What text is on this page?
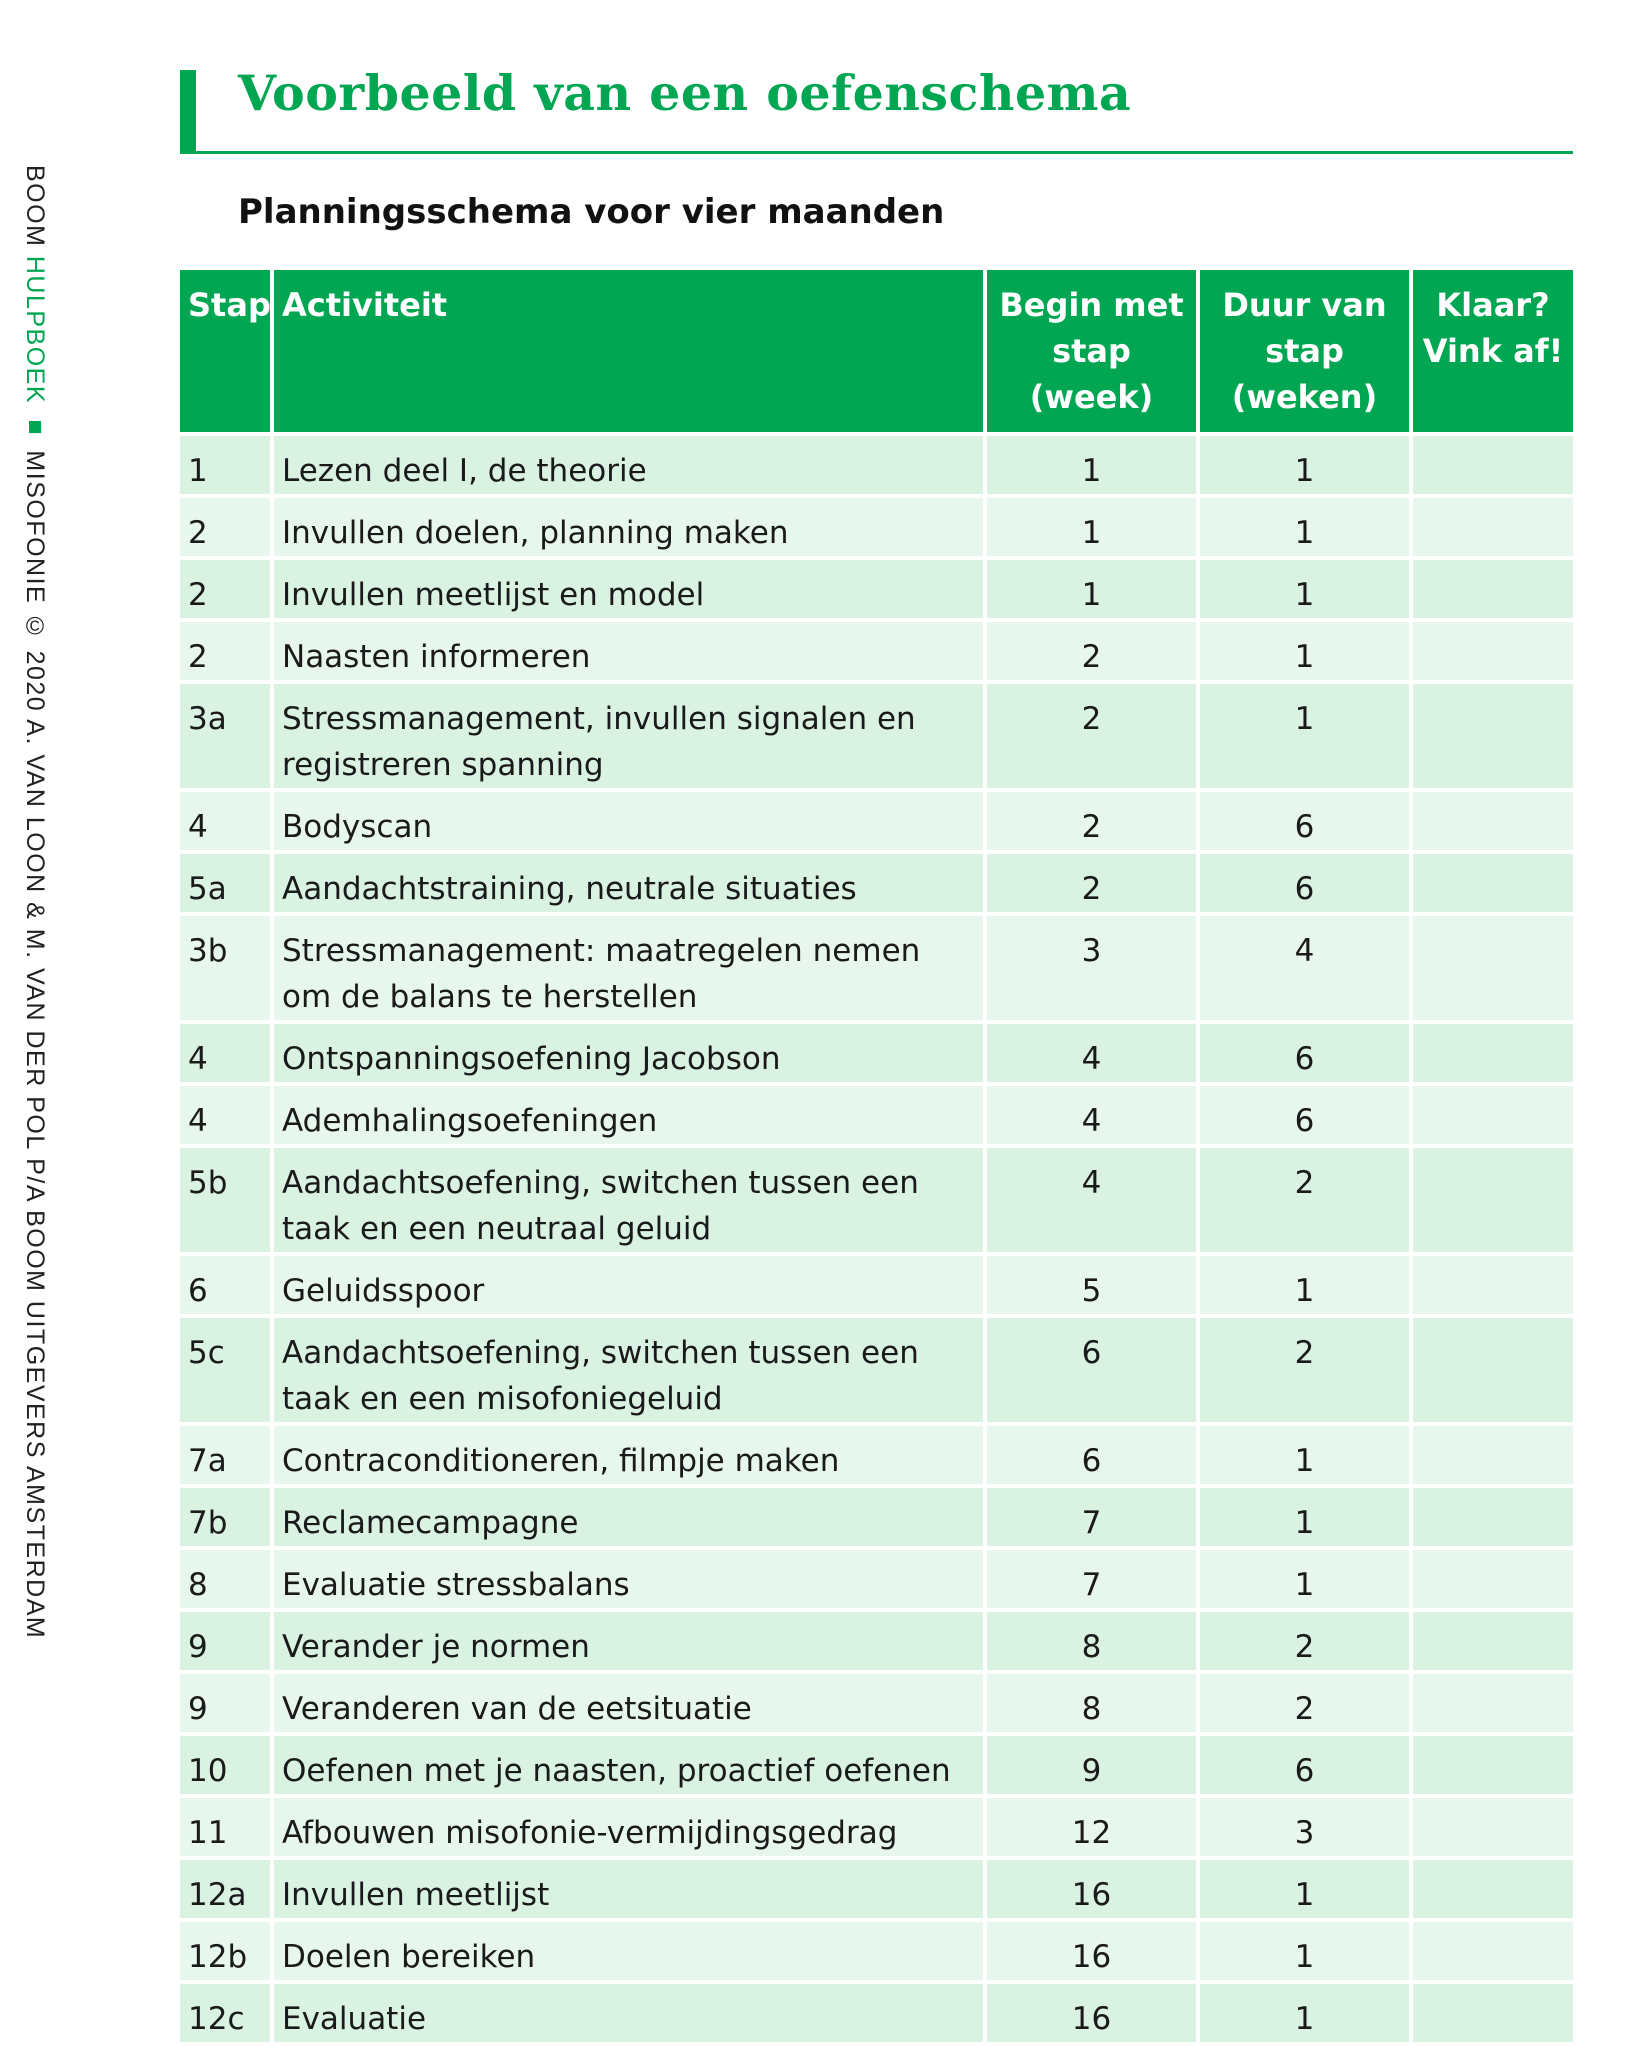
BOOM HULPBOEK ■ MISOFONIE © 2020 A. VAN LOON & M. VAN DER POL P/A BOOM UITGEVERS AMSTERDAM
Voorbeeld van een oefenschema
Planningsschema voor vier maanden
Stap	Activiteit	Begin met stap (week)	Duur van stap (weken)	Klaar? Vink af!
1	Lezen deel I, de theorie	1	1	
2	Invullen doelen, planning maken	1	1	
2	Invullen meetlijst en model	1	1	
2	Naasten informeren	2	1	
3a	Stressmanagement, invullen signalen en registreren spanning	2	1	
4	Bodyscan	2	6	
5a	Aandachtstraining, neutrale situaties	2	6	
3b	Stressmanagement: maatregelen nemen om de balans te herstellen	3	4	
4	Ontspanningsoefening Jacobson	4	6	
4	Ademhalingsoefeningen	4	6	
5b	Aandachtsoefening, switchen tussen een taak en een neutraal geluid	4	2	
6	Geluidsspoor	5	1	
5c	Aandachtsoefening, switchen tussen een taak en een misofoniegeluid	6	2	
7a	Contraconditioneren, filmpje maken	6	1	
7b	Reclamecampagne	7	1	
8	Evaluatie stressbalans	7	1	
9	Verander je normen	8	2	
9	Veranderen van de eetsituatie	8	2	
10	Oefenen met je naasten, proactief oefenen	9	6	
11	Afbouwen misofonie-vermijdingsgedrag	12	3	
12a	Invullen meetlijst	16	1	
12b	Doelen bereiken	16	1	
12c	Evaluatie	16	1	
